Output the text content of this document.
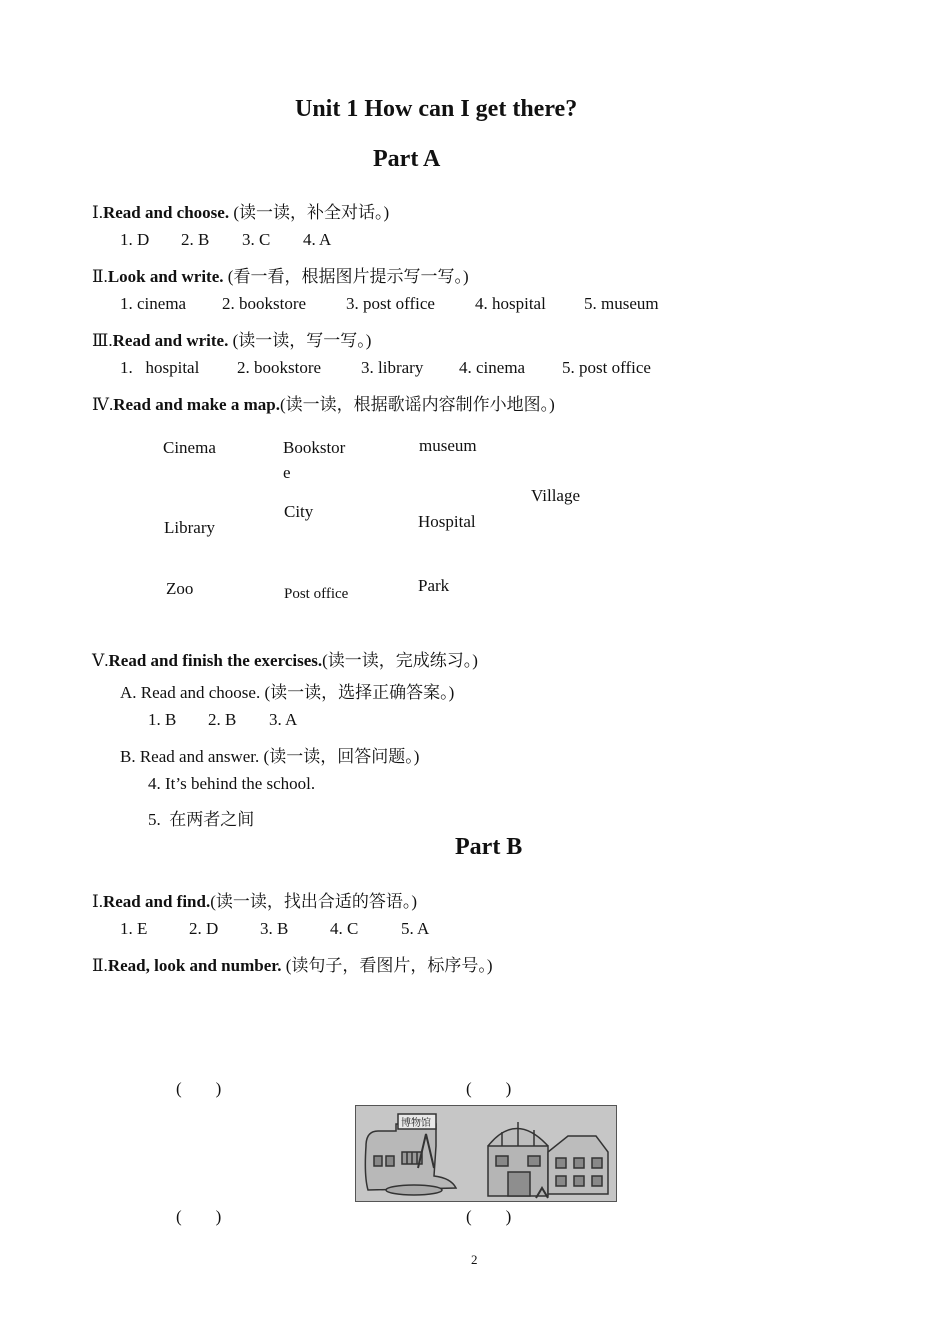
Unit 1 How can I get there?
Part A
Ⅰ.Read and choose. (读一读，补全对话。)
1. D 2. B 3. C 4. A
Ⅱ.Look and write. (看一看，根据图片提示写一写。)
1. cinema 2. bookstore 3. post office 4. hospital 5. museum
Ⅲ.Read and write. (读一读，写一写。)
1.   hospital 2. bookstore 3. library 4. cinema 5. post office
Ⅳ.Read and make a map.(读一读，根据歌谣内容制作小地图。)
Cinema	Bookstor
e
museum
Village
Library
City
Hospital
Zoo	Post office	Park
Ⅴ.Read and finish the exercises.(读一读，完成练习。)
A. Read and choose. (读一读，选择正确答案。)
1. B 2. B 3. A
B. Read and answer. (读一读，回答问题。)
4. It’s behind the school.
5.  在两者之间
Part B
Ⅰ.Read and find.(读一读，找出合适的答语。)
1. E 2. D 3. B 4. C	5. A
Ⅱ.Read, look and number. (读句子，看图片，标序号。)
(        )	(        )
(        )	(        )
博物馆
2
